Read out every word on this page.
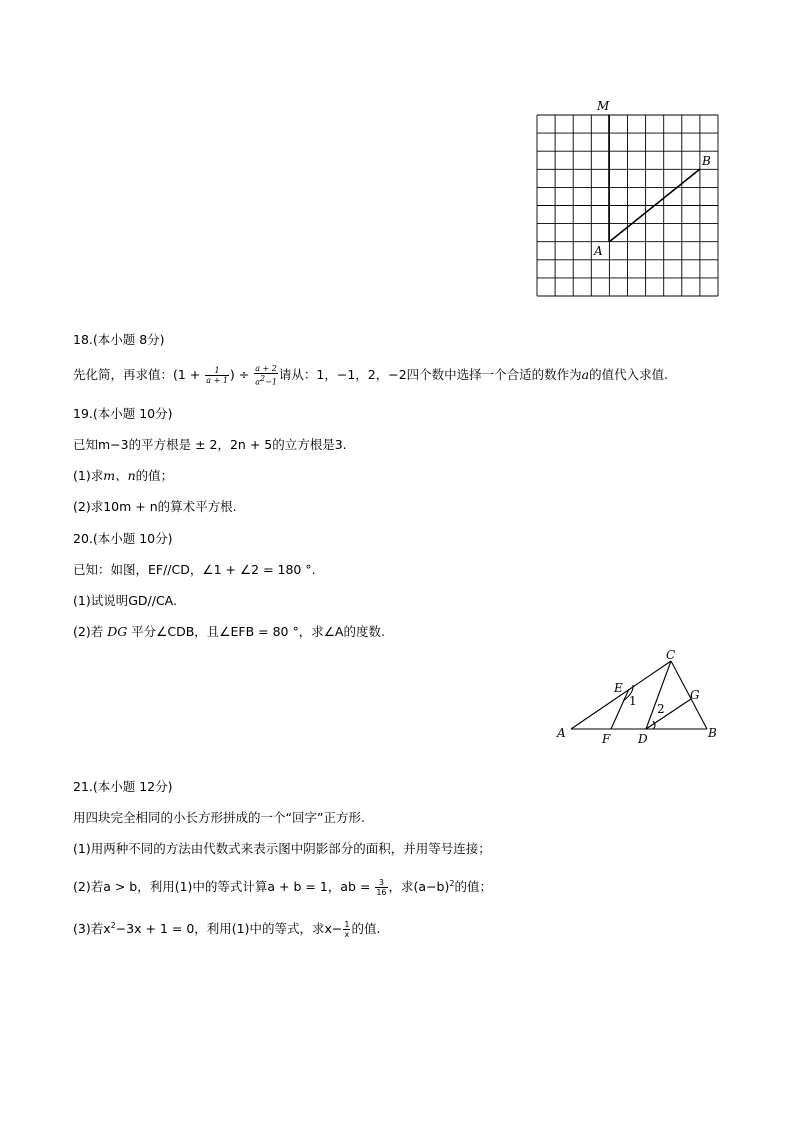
M
B
A
18.(本小题 8分)
先化简，再求值：($1 + \frac{1}{a + 1}$ ) ÷ $\frac{a + 2}{a^2-1}$ 请从：1，−1，2，−2四个数中选择一个合适的数作为a的值代入求值.
19.(本小题 10分)
已知m−3的平方根是 ± 2，2n + 5的立方根是3.
(1)求m、n的值；
(2)求10m + n的算术平方根.
20.(本小题 10分)
已知：如图，EF//CD，∠1 + ∠2 = 180 °.
(1)试说明GD//CA.
(2)若 DG 平分∠CDB，且∠EFB = 80 °，求∠A的度数.
C
E	G
1
2
A	F D	B
21.(本小题 12分)
用四块完全相同的小长方形拼成的一个“回字”正方形.
(1)用两种不同的方法由代数式来表示图中阴影部分的面积，并用等号连接；
(2)若a > b，利用(1)中的等式计算a + b = 1，ab = $\frac{3}{16}$ ，求$(a-b)^2$的值；
(3)若$x^2-3x + 1 = 0$，利用(1)中的等式，求$x- \frac{1}{x}$ 的值.
